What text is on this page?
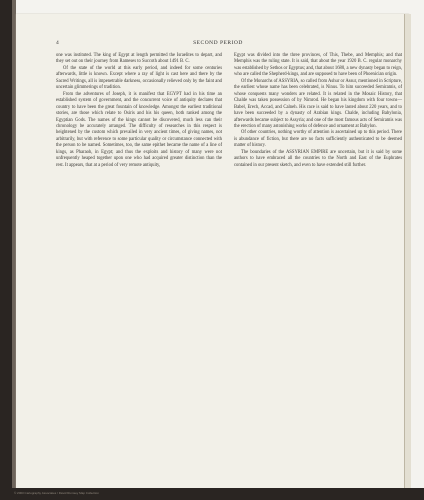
4	SECOND PERIOD

one was instituted. The king of Egypt at length permitted the Israelites to depart, and they set out on their journey from Rameses to Succoth about 1491 B. C.

Of the state of the world at this early period, and indeed for some centuries afterwards, little is known. Except where a ray of light is cast here and there by the Sacred Writings, all is impenetrable darkness, occasionally relieved only by the faint and uncertain glimmerings of tradition.

From the adventures of Joseph, it is manifest that EGYPT had in his time an established system of government, and the concurrent voice of antiquity declares that country to have been the great fountain of knowledge. Amongst the earliest traditional stories, are those which relate to Osiris and his his queen, both ranked among the Egyptian Gods. The names of the kings cannot be discovered, much less can their chronology be accurately arranged. The difficulty of researches in this respect is heightened by the custom which prevailed in very ancient times, of giving names, not arbitrarily, but with reference to some particular quality or circumstance connected with the person to be named. Sometimes, too, the same epithet became the name of a line of kings, as Pharaoh, in Egypt; and thus the exploits and history of many were not unfrequently heaped together upon one who had acquired greater distinction than the rest. It appears, that at a period of very remote antiquity,

Egypt was divided into the three provinces, of This, Thebe, and Memphis; and that Memphis was the ruling state. It is said, that about the year 1920 B. C. regular monarchy was established by Sethos or Egyptus; and, that about 1680, a new dynasty began to reign, who are called the Shepherd-kings, and are supposed to have been of Phoenician origin.

Of the Monarchs of ASSYRIA, so called from Ashur or Assur, mentioned in Scripture, the earliest whose name has been celebrated, is Ninus. To him succeeded Semiramis, of whose conquests many wonders are related. It is related in the Mosaic History, that Chalde was taken possession of by Nimrod. He began his kingdom with four towns—Babel, Erech, Accad, and Calneh. His race is said to have lasted about 220 years, and to have been succeeded by a dynasty of Arabian kings. Chalde, including Babylonia, afterwards became subject to Assyria; and one of the most famous acts of Semiramis was the erection of many astonishing works of defence and ornament at Babylon.

Of other countries, nothing worthy of attention is ascertained up to this period. There is abundance of fiction, but there are no facts sufficiently authenticated to be deemed matter of history.

The boundaries of the ASSYRIAN EMPIRE are uncertain, but it is said by some authors to have embraced all the countries to the North and East of the Euphrates contained in our present sketch, and even to have extended still further.

© 2003 Cartography Associates / David Rumsey Map Collection
